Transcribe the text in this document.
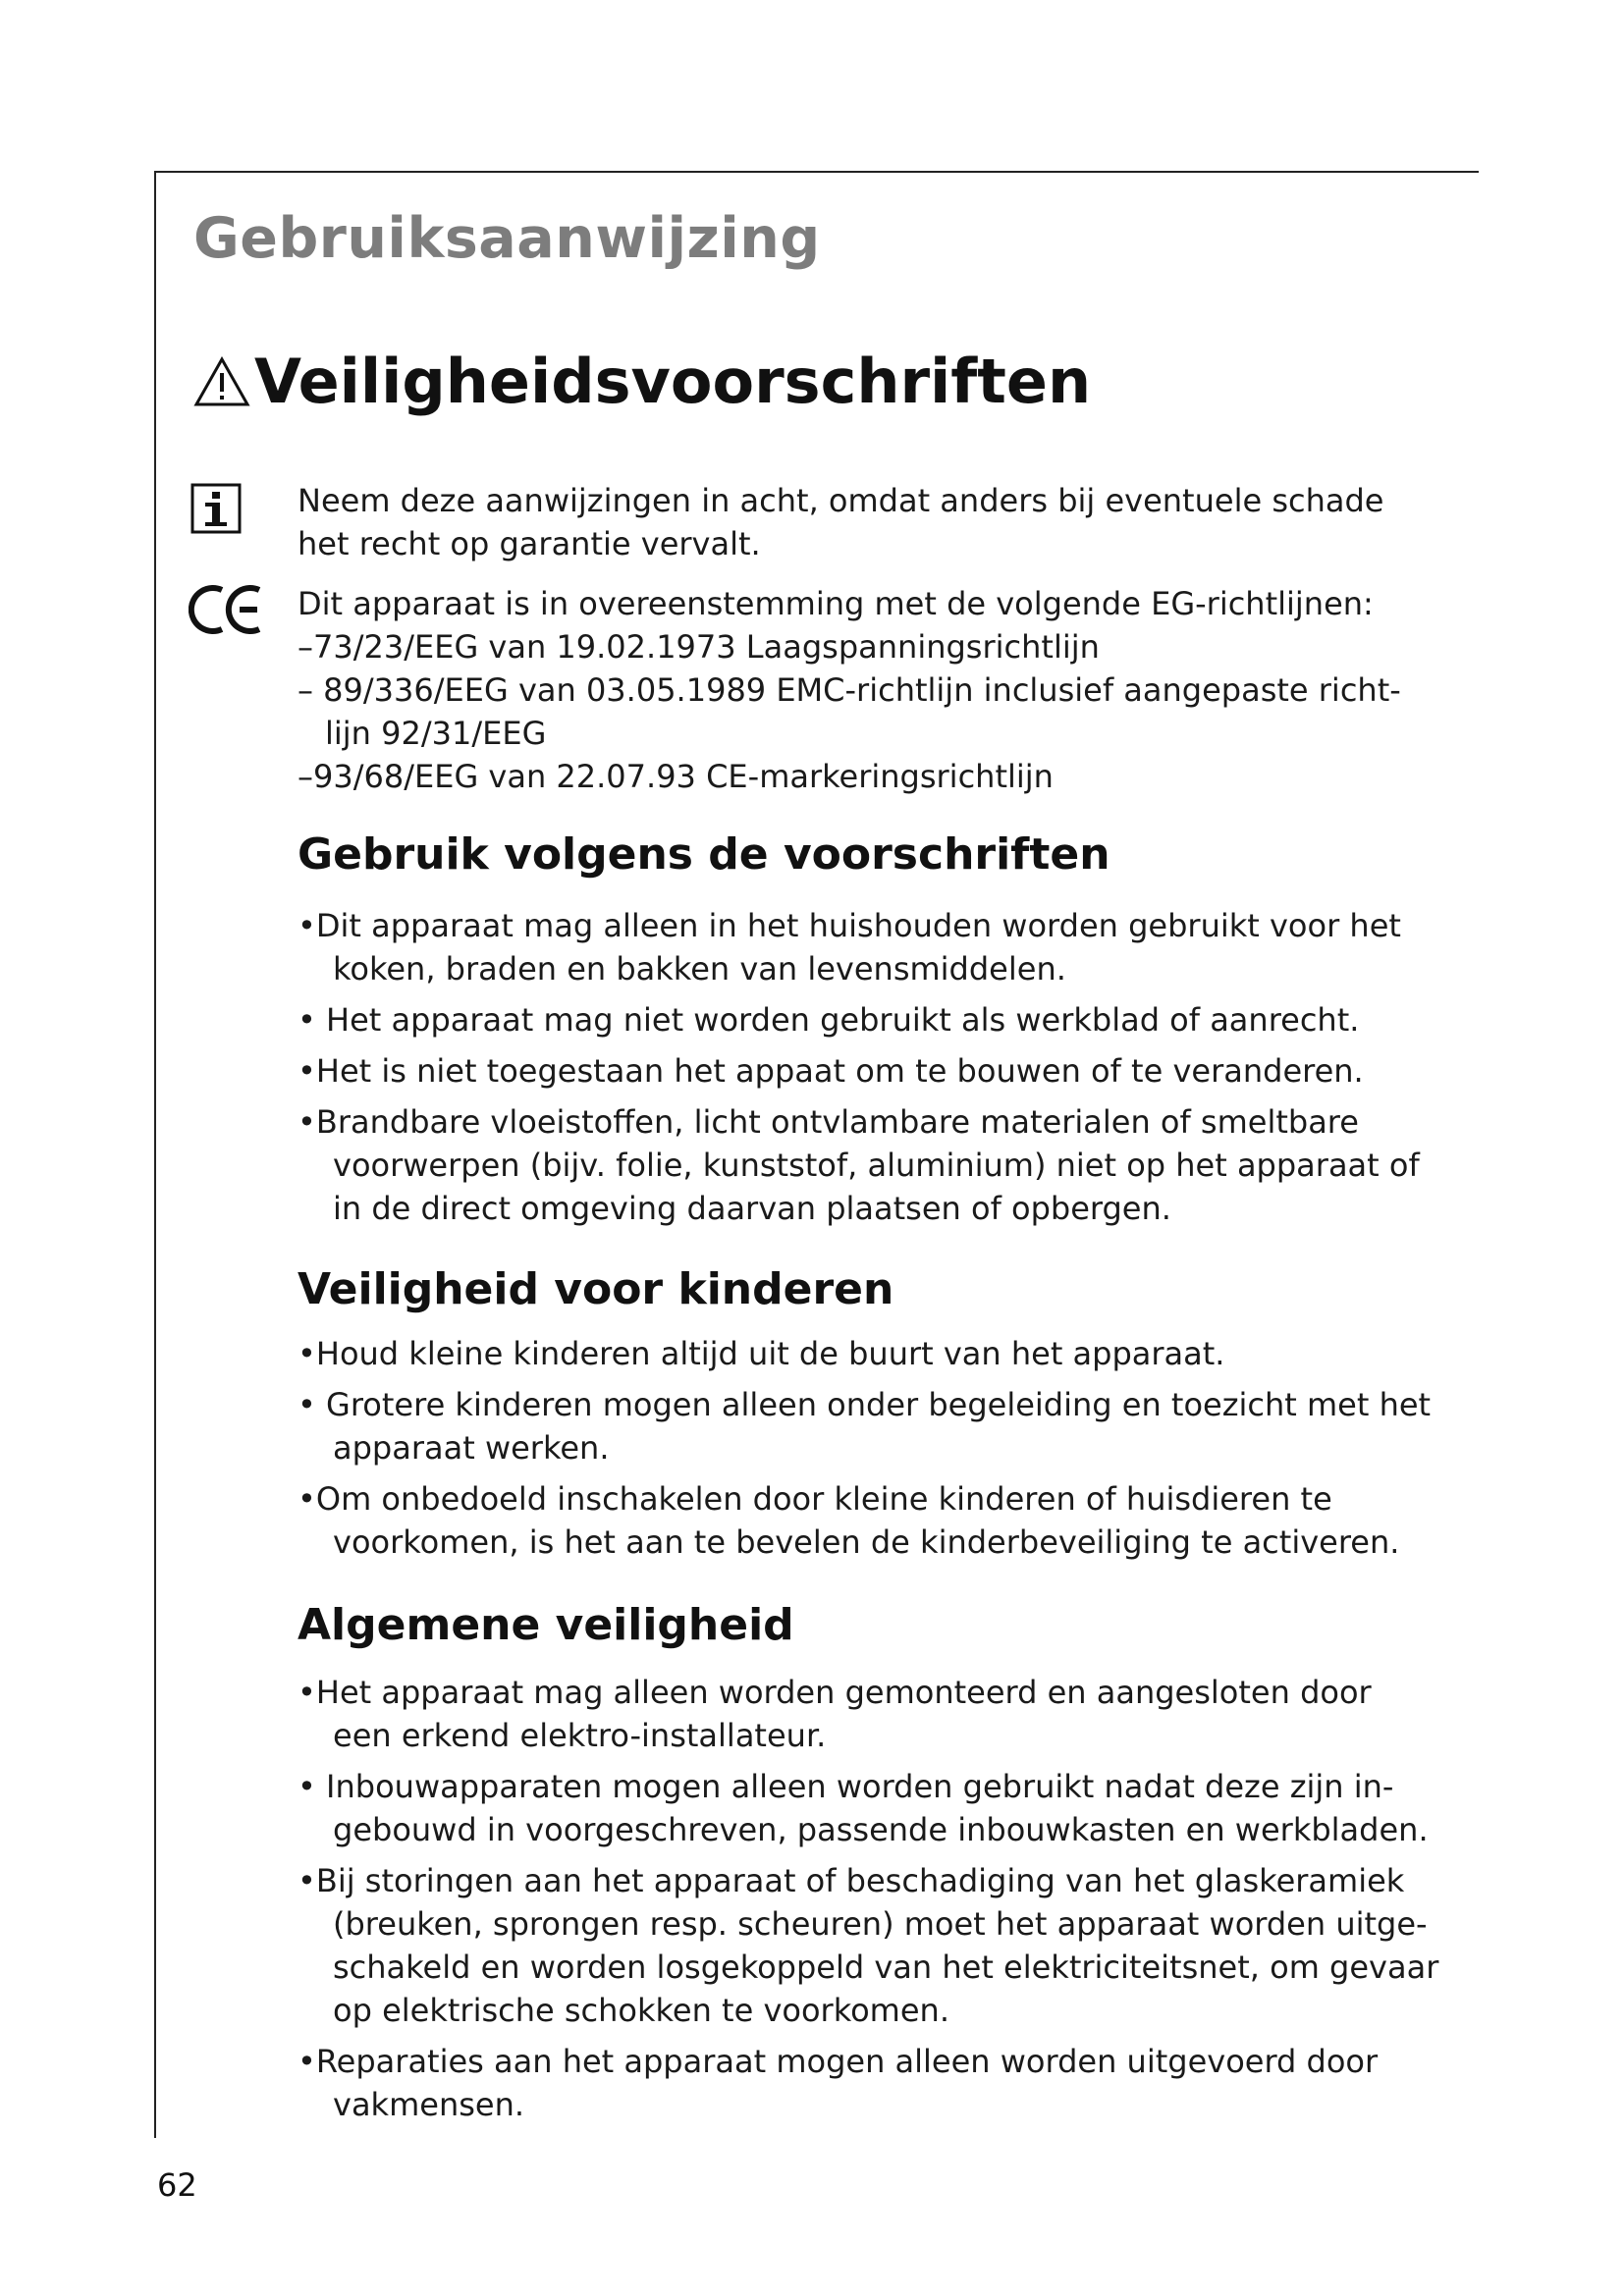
Gebruiksaanwijzing
Veiligheidsvoorschriften

Neem deze aanwijzingen in acht, omdat anders bij eventuele schade

het recht op garantie vervalt.

Dit apparaat is in overeenstemming met de volgende EG-richtlijnen:

–73/23/EEG van 19.02.1973 Laagspanningsrichtlijn

– 89/336/EEG van 03.05.1989 EMC-richtlijn inclusief aangepaste richt-

lijn 92/31/EEG

–93/68/EEG van 22.07.93 CE-markeringsrichtlijn

Gebruik volgens de voorschriften

•Dit apparaat mag alleen in het huishouden worden gebruikt voor het

koken, braden en bakken van levensmiddelen.

• Het apparaat mag niet worden gebruikt als werkblad of aanrecht.

•Het is niet toegestaan het appaat om te bouwen of te veranderen.

•Brandbare vloeistoffen, licht ontvlambare materialen of smeltbare

voorwerpen (bijv. folie, kunststof, aluminium) niet op het apparaat of

in de direct omgeving daarvan plaatsen of opbergen.

Veiligheid voor kinderen

•Houd kleine kinderen altijd uit de buurt van het apparaat.

• Grotere kinderen mogen alleen onder begeleiding en toezicht met het

apparaat werken.

•Om onbedoeld inschakelen door kleine kinderen of huisdieren te

voorkomen, is het aan te bevelen de kinderbeveiliging te activeren.

Algemene veiligheid

•Het apparaat mag alleen worden gemonteerd en aangesloten door

een erkend elektro-installateur.

• Inbouwapparaten mogen alleen worden gebruikt nadat deze zijn in-

gebouwd in voorgeschreven, passende inbouwkasten en werkbladen.

•Bij storingen aan het apparaat of beschadiging van het glaskeramiek

(breuken, sprongen resp. scheuren) moet het apparaat worden uitge-

schakeld en worden losgekoppeld van het elektriciteitsnet, om gevaar

op elektrische schokken te voorkomen.

•Reparaties aan het apparaat mogen alleen worden uitgevoerd door

vakmensen.

62
